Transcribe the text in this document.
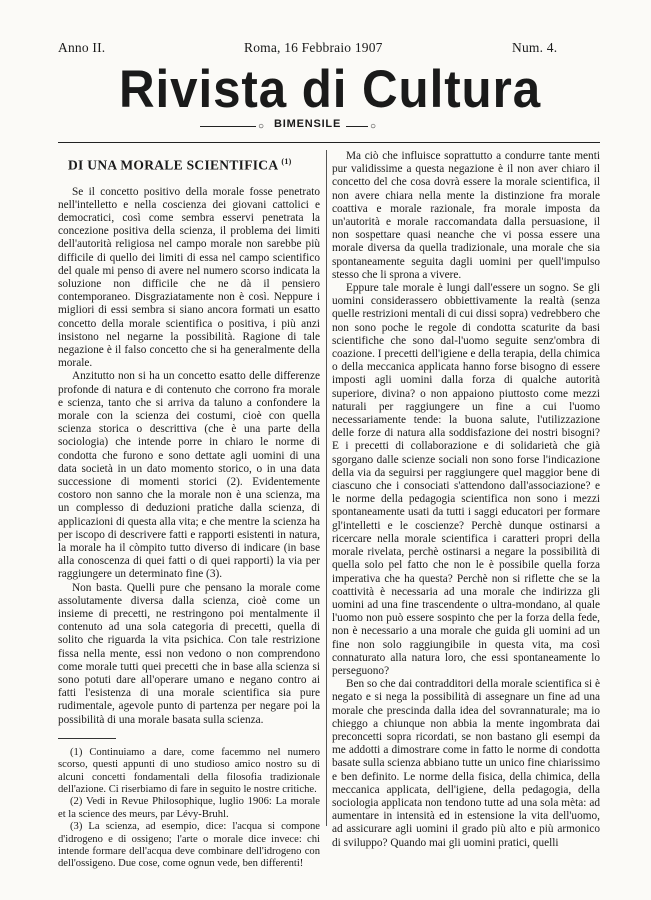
Anno II.	Roma, 16 Febbraio 1907	Num. 4.
Rivista di Cultura
○ BIMENSILE	○
DI UNA MORALE SCIENTIFICA $^{(1)}$

Se il concetto positivo della morale fosse penetrato nell'intelletto e nella coscienza dei giovani cattolici e democratici, così come sembra esservi penetrata la concezione positiva della scienza, il problema dei limiti dell'autorità religiosa nel campo morale non sarebbe più difficile di quello dei limiti di essa nel campo scientifico del quale mi penso di avere nel numero scorso indicata la soluzione non difficile che ne dà il pensiero contemporaneo. Disgraziatamente non è così. Neppure i migliori di essi sembra si siano ancora formati un esatto concetto della morale scientifica o positiva, i più anzi insistono nel negarne la possibilità. Ragione di tale negazione è il falso concetto che si ha generalmente della morale.

Anzitutto non si ha un concetto esatto delle differenze profonde di natura e di contenuto che corrono fra morale e scienza, tanto che si arriva da taluno a confondere la morale con la scienza dei costumi, cioè con quella scienza storica o descrittiva (che è una parte della sociologia) che intende porre in chiaro le norme di condotta che furono e sono dettate agli uomini di una data società in un dato momento storico, o in una data successione di momenti storici (2). Evidentemente costoro non sanno che la morale non è una scienza, ma un complesso di deduzioni pratiche dalla scienza, di applicazioni di questa alla vita; e che mentre la scienza ha per iscopo di descrivere fatti e rapporti esistenti in natura, la morale ha il còmpito tutto diverso di indicare (in base alla conoscenza di quei fatti o di quei rapporti) la via per raggiungere un determinato fine (3).

Non basta. Quelli pure che pensano la morale come assolutamente diversa dalla scienza, cioè come un insieme di precetti, ne restringono poi mentalmente il contenuto ad una sola categoria di precetti, quella di solito che riguarda la vita psichica. Con tale restrizione fissa nella mente, essi non vedono o non comprendono come morale tutti quei precetti che in base alla scienza si sono potuti dare all'operare umano e negano contro ai fatti l'esistenza di una morale scientifica sia pure rudimentale, agevole punto di partenza per negare poi la possibilità di una morale basata sulla scienza.

(1) Continuiamo a dare, come facemmo nel numero scorso, questi appunti di uno studioso amico nostro su di alcuni concetti fondamentali della filosofia tradizionale dell'azione. Ci riserbiamo di fare in seguito le nostre critiche.

(2) Vedi in Revue Philosophique, luglio 1906: La morale et la science des meurs, par Lévy-Bruhl.

(3) La scienza, ad esempio, dice: l'acqua si compone d'idrogeno e di ossigeno; l'arte o morale dice invece: chi intende formare dell'acqua deve combinare dell'idrogeno con dell'ossigeno. Due cose, come ognun vede, ben differenti!

Ma ciò che influisce soprattutto a condurre tante menti pur validissime a questa negazione è il non aver chiaro il concetto del che cosa dovrà essere la morale scientifica, il non avere chiara nella mente la distinzione fra morale coattiva e morale razionale, fra morale imposta da un'autorità e morale raccomandata dalla persuasione, il non sospettare quasi neanche che vi possa essere una morale diversa da quella tradizionale, una morale che sia spontaneamente seguita dagli uomini per quell'impulso stesso che li sprona a vivere.

Eppure tale morale è lungi dall'essere un sogno. Se gli uomini considerassero obbiettivamente la realtà (senza quelle restrizioni mentali di cui dissi sopra) vedrebbero che non sono poche le regole di condotta scaturite da basi scientifiche che sono dal-l'uomo seguite senz'ombra di coazione. I precetti dell'igiene e della terapia, della chimica o della meccanica applicata hanno forse bisogno di essere imposti agli uomini dalla forza di qualche autorità superiore, divina? o non appaiono piuttosto come mezzi naturali per raggiungere un fine a cui l'uomo necessariamente tende: la buona salute, l'utilizzazione delle forze di natura alla soddisfazione dei nostri bisogni? E i precetti di collaborazione e di solidarietà che già sgorgano dalle scienze sociali non sono forse l'indicazione della via da seguirsi per raggiungere quel maggior bene di ciascuno che i consociati s'attendono dall'associazione? e le norme della pedagogia scientifica non sono i mezzi spontaneamente usati da tutti i saggi educatori per formare gl'intelletti e le coscienze? Perchè dunque ostinarsi a ricercare nella morale scientifica i caratteri propri della morale rivelata, perchè ostinarsi a negare la possibilità di quella solo pel fatto che non le è possibile quella forza imperativa che ha questa? Perchè non si riflette che se la coattività è necessaria ad una morale che indirizza gli uomini ad una fine trascendente o ultra-mondano, al quale l'uomo non può essere sospinto che per la forza della fede, non è necessario a una morale che guida gli uomini ad un fine non solo raggiungibile in questa vita, ma così connaturato alla natura loro, che essi spontaneamente lo perseguono?

Ben so che dai contradditori della morale scientifica si è negato e si nega la possibilità di assegnare un fine ad una morale che prescinda dalla idea del sovrannaturale; ma io chieggo a chiunque non abbia la mente ingombrata dai preconcetti sopra ricordati, se non bastano gli esempi da me addotti a dimostrare come in fatto le norme di condotta basate sulla scienza abbiano tutte un unico fine chiarissimo e ben definito. Le norme della fisica, della chimica, della meccanica applicata, dell'igiene, della pedagogia, della sociologia applicata non tendono tutte ad una sola mèta: ad aumentare in intensità ed in estensione la vita dell'uomo, ad assicurare agli uomini il grado più alto e più armonico di sviluppo? Quando mai gli uomini pratici, quelli
